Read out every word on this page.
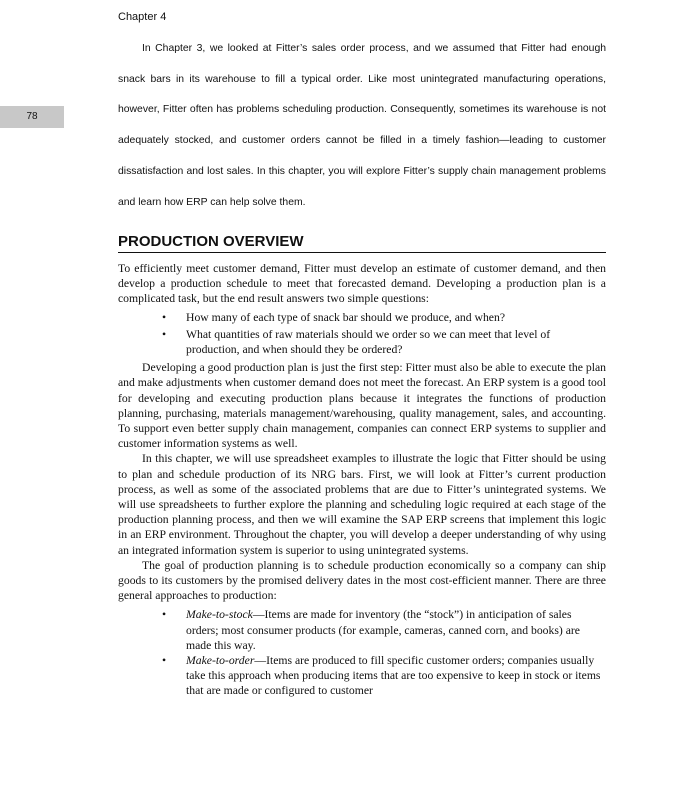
Chapter 4
78

In Chapter 3, we looked at Fitter’s sales order process, and we assumed that Fitter had enough snack bars in its warehouse to fill a typical order. Like most unintegrated manufacturing operations, however, Fitter often has problems scheduling production. Consequently, sometimes its warehouse is not adequately stocked, and customer orders cannot be filled in a timely fashion—leading to customer dissatisfaction and lost sales. In this chapter, you will explore Fitter’s supply chain management problems and learn how ERP can help solve them.

PRODUCTION OVERVIEW

To efficiently meet customer demand, Fitter must develop an estimate of customer demand, and then develop a production schedule to meet that forecasted demand. Developing a production plan is a complicated task, but the end result answers two simple questions:

• How many of each type of snack bar should we produce, and when?
• What quantities of raw materials should we order so we can meet that level of production, and when should they be ordered?

Developing a good production plan is just the first step: Fitter must also be able to execute the plan and make adjustments when customer demand does not meet the forecast. An ERP system is a good tool for developing and executing production plans because it integrates the functions of production planning, purchasing, materials management/warehousing, quality management, sales, and accounting. To support even better supply chain management, companies can connect ERP systems to supplier and customer information systems as well.

In this chapter, we will use spreadsheet examples to illustrate the logic that Fitter should be using to plan and schedule production of its NRG bars. First, we will look at Fitter’s current production process, as well as some of the associated problems that are due to Fitter’s unintegrated systems. We will use spreadsheets to further explore the planning and scheduling logic required at each stage of the production planning process, and then we will examine the SAP ERP screens that implement this logic in an ERP environment. Throughout the chapter, you will develop a deeper understanding of why using an integrated information system is superior to using unintegrated systems.

The goal of production planning is to schedule production economically so a company can ship goods to its customers by the promised delivery dates in the most cost-efficient manner. There are three general approaches to production:

• Make-to-stock—Items are made for inventory (the “stock”) in anticipation of sales orders; most consumer products (for example, cameras, canned corn, and books) are made this way.
• Make-to-order—Items are produced to fill specific customer orders; companies usually take this approach when producing items that are too expensive to keep in stock or items that are made or configured to customer
